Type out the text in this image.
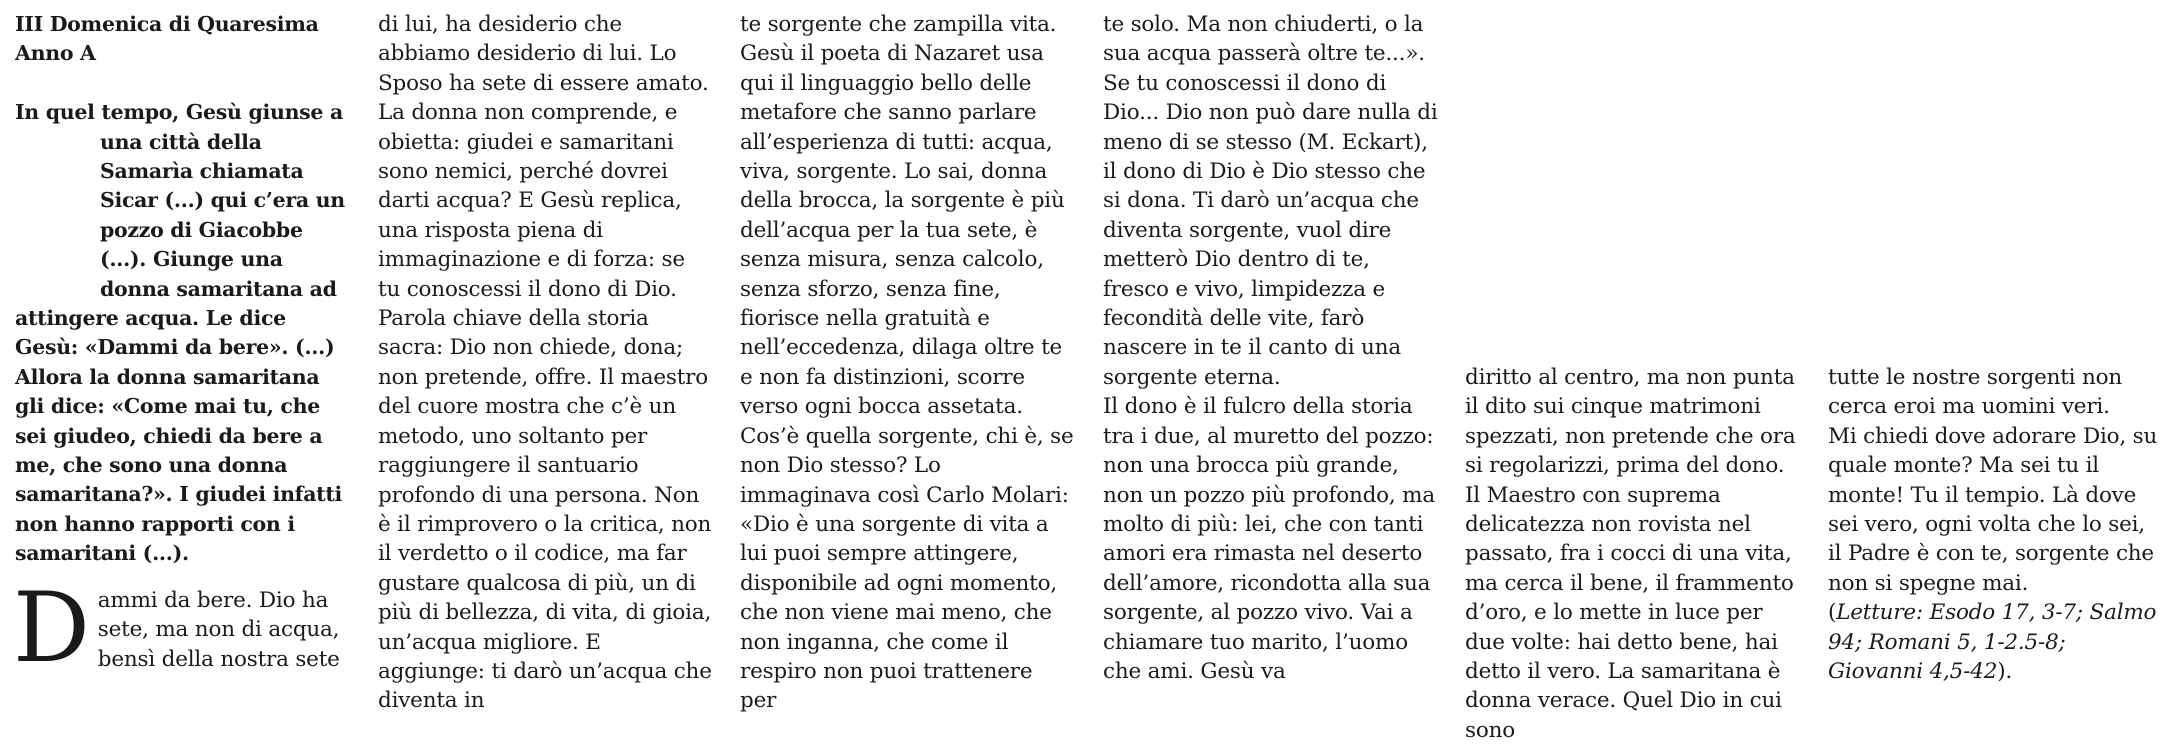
III Domenica di Quaresima

Anno A

In quel tempo, Gesù giunse a

una città della Samarìa chiamata Sicar (...) qui c’era un pozzo di Giacobbe (...). Giunge una donna samaritana ad

attingere acqua. Le dice Gesù: «Dammi da bere». (...) Allora la donna samaritana gli dice: «Come mai tu, che sei giudeo, chiedi da bere a me, che sono una donna samaritana?». I giudei infatti non hanno rapporti con i samaritani (...).

D ammi da bere. Dio ha sete, ma non di acqua, bensì della nostra sete

di lui, ha desiderio che abbiamo desiderio di lui. Lo Sposo ha sete di essere amato. La donna non comprende, e obietta: giudei e samaritani sono nemici, perché dovrei darti acqua? E Gesù replica, una risposta piena di immaginazione e di forza: se tu conoscessi il dono di Dio. Parola chiave della storia sacra: Dio non chiede, dona; non pretende, offre. Il maestro del cuore mostra che c’è un metodo, uno soltanto per raggiungere il santuario profondo di una persona. Non è il rimprovero o la critica, non il verdetto o il codice, ma far gustare qualcosa di più, un di più di bellezza, di vita, di gioia, un’acqua migliore. E aggiunge: ti darò un’acqua che diventa in

te sorgente che zampilla vita. Gesù il poeta di Nazaret usa qui il linguaggio bello delle metafore che sanno parlare all’esperienza di tutti: acqua, viva, sorgente. Lo sai, donna della brocca, la sorgente è più dell’acqua per la tua sete, è senza misura, senza calcolo, senza sforzo, senza fine, fiorisce nella gratuità e nell’eccedenza, dilaga oltre te e non fa distinzioni, scorre verso ogni bocca assetata.

Cos’è quella sorgente, chi è, se non Dio stesso? Lo immaginava così Carlo Molari: «Dio è una sorgente di vita a lui puoi sempre attingere, disponibile ad ogni momento, che non viene mai meno, che non inganna, che come il respiro non puoi trattenere per

te solo. Ma non chiuderti, o la sua acqua passerà oltre te...». Se tu conoscessi il dono di Dio... Dio non può dare nulla di meno di se stesso (M. Eckart), il dono di Dio è Dio stesso che si dona. Ti darò un’acqua che diventa sorgente, vuol dire metterò Dio dentro di te, fresco e vivo, limpidezza e fecondità delle vite, farò nascere in te il canto di una sorgente eterna.

Il dono è il fulcro della storia tra i due, al muretto del pozzo: non una brocca più grande, non un pozzo più profondo, ma molto di più: lei, che con tanti amori era rimasta nel deserto dell’amore, ricondotta alla sua sorgente, al pozzo vivo. Vai a chiamare tuo marito, l’uomo che ami. Gesù va

diritto al centro, ma non punta il dito sui cinque matrimoni spezzati, non pretende che ora si regolarizzi, prima del dono.

Il Maestro con suprema delicatezza non rovista nel passato, fra i cocci di una vita, ma cerca il bene, il frammento d’oro, e lo mette in luce per due volte: hai detto bene, hai detto il vero. La samaritana è donna verace. Quel Dio in cui sono

tutte le nostre sorgenti non cerca eroi ma uomini veri.

Mi chiedi dove adorare Dio, su quale monte? Ma sei tu il monte! Tu il tempio. Là dove sei vero, ogni volta che lo sei, il Padre è con te, sorgente che non si spegne mai.

(Letture: Esodo 17, 3-7; Salmo 94; Romani 5, 1-2.5-8; Giovanni 4,5-42).
